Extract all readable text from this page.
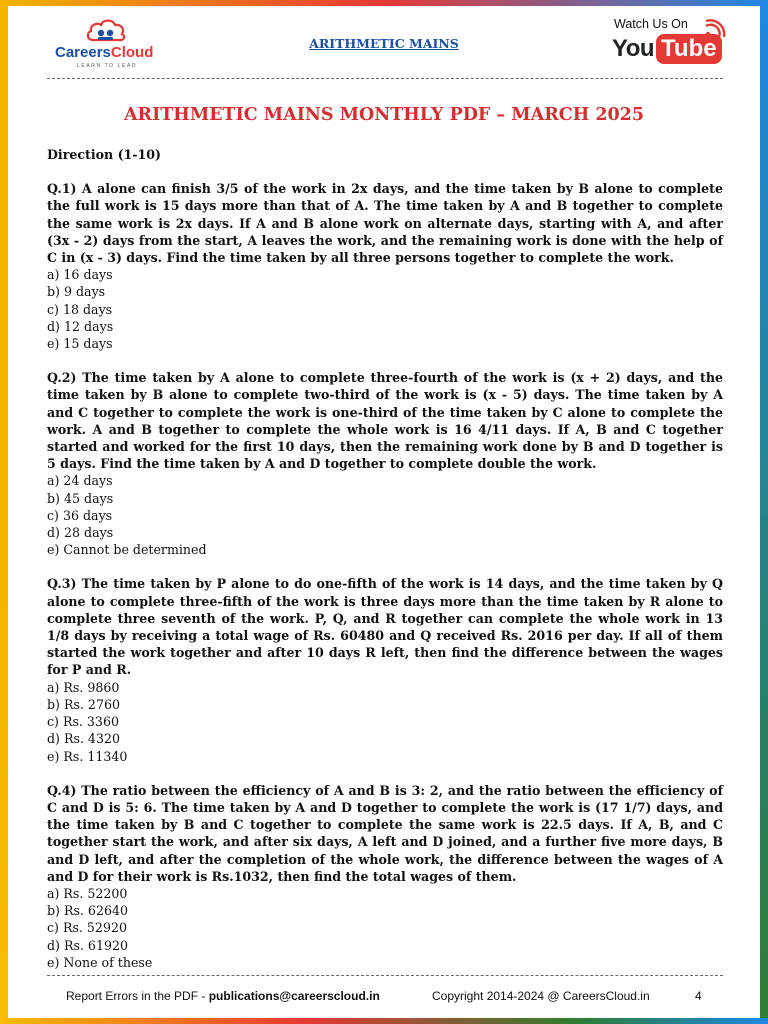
CareersCloud
LEARN TO LEAD
ARITHMETIC MAINS
Watch Us On
You Tube
ARITHMETIC MAINS MONTHLY PDF – MARCH 2025
Direction (1-10)
Q.1) A alone can finish 3/5 of the work in 2x days, and the time taken by B alone to complete the full work is 15 days more than that of A. The time taken by A and B together to complete the same work is 2x days. If A and B alone work on alternate days, starting with A, and after (3x - 2) days from the start, A leaves the work, and the remaining work is done with the help of C in (x - 3) days. Find the time taken by all three persons together to complete the work.
a) 16 days
b) 9 days
c) 18 days
d) 12 days
e) 15 days
Q.2) The time taken by A alone to complete three-fourth of the work is (x + 2) days, and the time taken by B alone to complete two-third of the work is (x - 5) days. The time taken by A and C together to complete the work is one-third of the time taken by C alone to complete the work. A and B together to complete the whole work is 16 4/11 days. If A, B and C together started and worked for the first 10 days, then the remaining work done by B and D together is 5 days. Find the time taken by A and D together to complete double the work.
a) 24 days
b) 45 days
c) 36 days
d) 28 days
e) Cannot be determined
Q.3) The time taken by P alone to do one-fifth of the work is 14 days, and the time taken by Q alone to complete three-fifth of the work is three days more than the time taken by R alone to complete three seventh of the work. P, Q, and R together can complete the whole work in 13 1/8 days by receiving a total wage of Rs. 60480 and Q received Rs. 2016 per day. If all of them started the work together and after 10 days R left, then find the difference between the wages for P and R.
a) Rs. 9860
b) Rs. 2760
c) Rs. 3360
d) Rs. 4320
e) Rs. 11340
Q.4) The ratio between the efficiency of A and B is 3: 2, and the ratio between the efficiency of C and D is 5: 6. The time taken by A and D together to complete the work is (17 1/7) days, and the time taken by B and C together to complete the same work is 22.5 days. If A, B, and C together start the work, and after six days, A left and D joined, and a further five more days, B and D left, and after the completion of the whole work, the difference between the wages of A and D for their work is Rs.1032, then find the total wages of them.
a) Rs. 52200
b) Rs. 62640
c) Rs. 52920
d) Rs. 61920
e) None of these
Report Errors in the PDF - publications@careerscloud.in	Copyright 2014-2024 @ CareersCloud.in	4
